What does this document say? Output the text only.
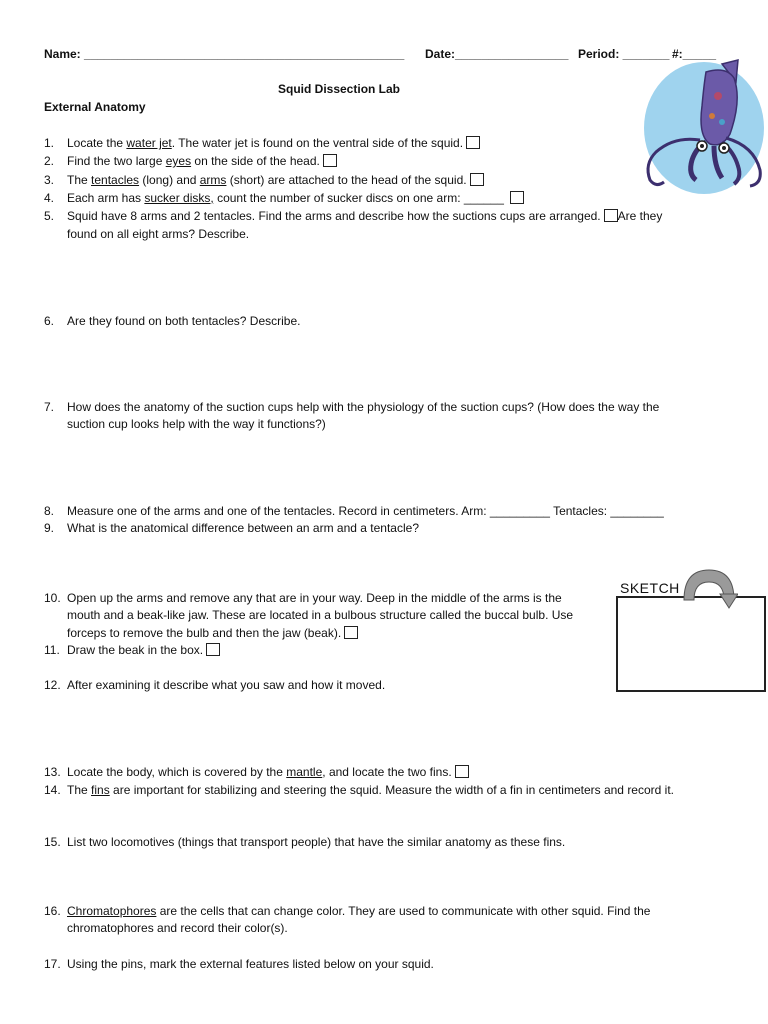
Name: ________________________________________________ Date:_________________ Period: _______ #:_____
Squid Dissection Lab
External Anatomy
1.	Locate the water jet. The water jet is found on the ventral side of the squid.
2.	Find the two large eyes on the side of the head.
3.	The tentacles (long) and arms (short) are attached to the head of the squid.
4.	Each arm has sucker disks, count the number of sucker discs on one arm: ______
5.	Squid have 8 arms and 2 tentacles. Find the arms and describe how the suctions cups are arranged. Are they
found on all eight arms? Describe.
6.	Are they found on both tentacles? Describe.
7.	How does the anatomy of the suction cups help with the physiology of the suction cups? (How does the way the
suction cup looks help with the way it functions?)
8.	Measure one of the arms and one of the tentacles. Record in centimeters. Arm: _________ Tentacles: ________
9.	What is the anatomical difference between an arm and a tentacle?
10. Open up the arms and remove any that are in your way. Deep in the middle of the arms is the
mouth and a beak-like jaw. These are located in a bulbous structure called the buccal bulb. Use
forceps to remove the bulb and then the jaw (beak).
11. Draw the beak in the box.
12. After examining it describe what you saw and how it moved.
SKETCH
13. Locate the body, which is covered by the mantle, and locate the two fins.
14. The fins are important for stabilizing and steering the squid. Measure the width of a fin in centimeters and record it.
15. List two locomotives (things that transport people) that have the similar anatomy as these fins.
16. Chromatophores are the cells that can change color. They are used to communicate with other squid. Find the
chromatophores and record their color(s).
17. Using the pins, mark the external features listed below on your squid.
